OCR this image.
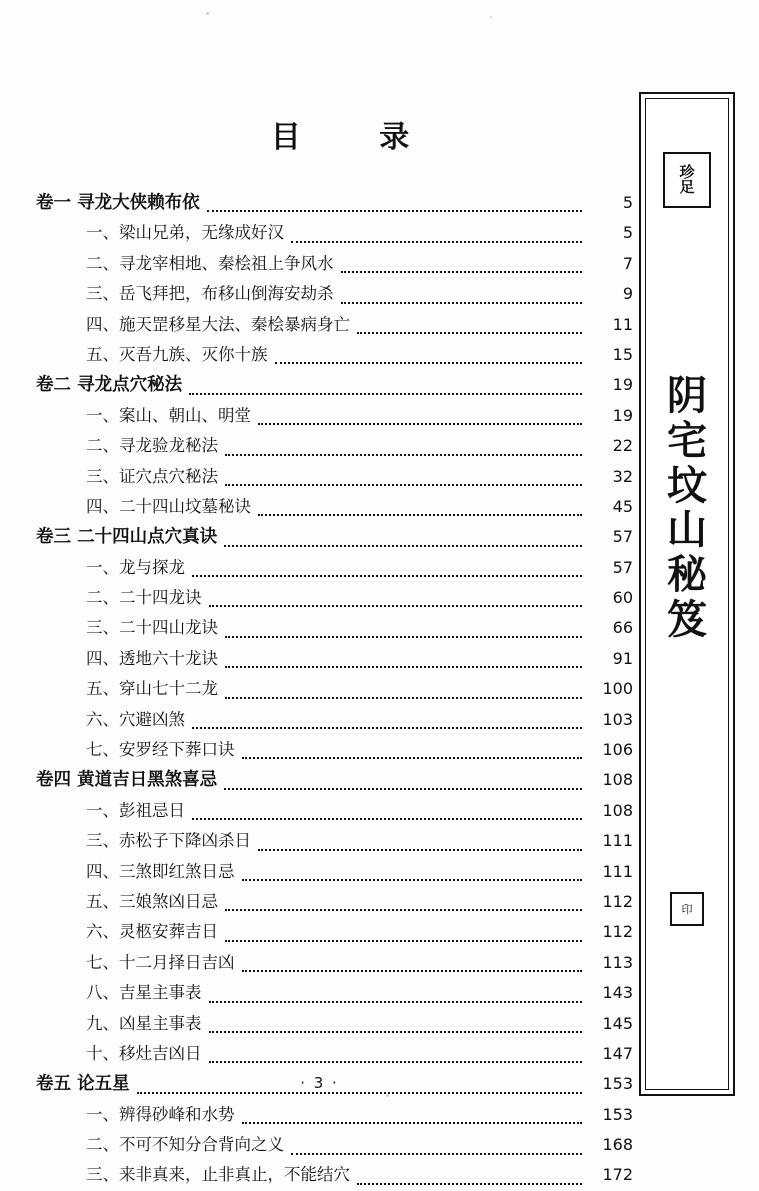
目 录
卷一 寻龙大侠赖布依	5
一、梁山兄弟，无缘成好汉	5
二、寻龙宰相地、秦桧祖上争风水	7
三、岳飞拜把，布移山倒海安劫杀	9
四、施天罡移星大法、秦桧暴病身亡	11
五、灭吾九族、灭你十族	15
卷二 寻龙点穴秘法	19
一、案山、朝山、明堂	19
二、寻龙验龙秘法	22
三、证穴点穴秘法	32
四、二十四山坟墓秘诀	45
卷三 二十四山点穴真诀	57
一、龙与探龙	57
二、二十四龙诀	60
三、二十四山龙诀	66
四、透地六十龙诀	91
五、穿山七十二龙	100
六、穴避凶煞	103
七、安罗经下葬口诀	106
卷四 黄道吉日黑煞喜忌	108
一、彭祖忌日	108
三、赤松子下降凶杀日	111
四、三煞即红煞日忌	111
五、三娘煞凶日忌	112
六、灵柩安葬吉日	112
七、十二月择日吉凶	113
八、吉星主事表	143
九、凶星主事表	145
十、移灶吉凶日	147
卷五 论五星	153
一、辨得砂峰和水势	153
二、不可不知分合背向之义	168
三、来非真来，止非真止，不能结穴	172
珍
足
阴
宅
坟
山
秘
笈
印
· 3 ·
